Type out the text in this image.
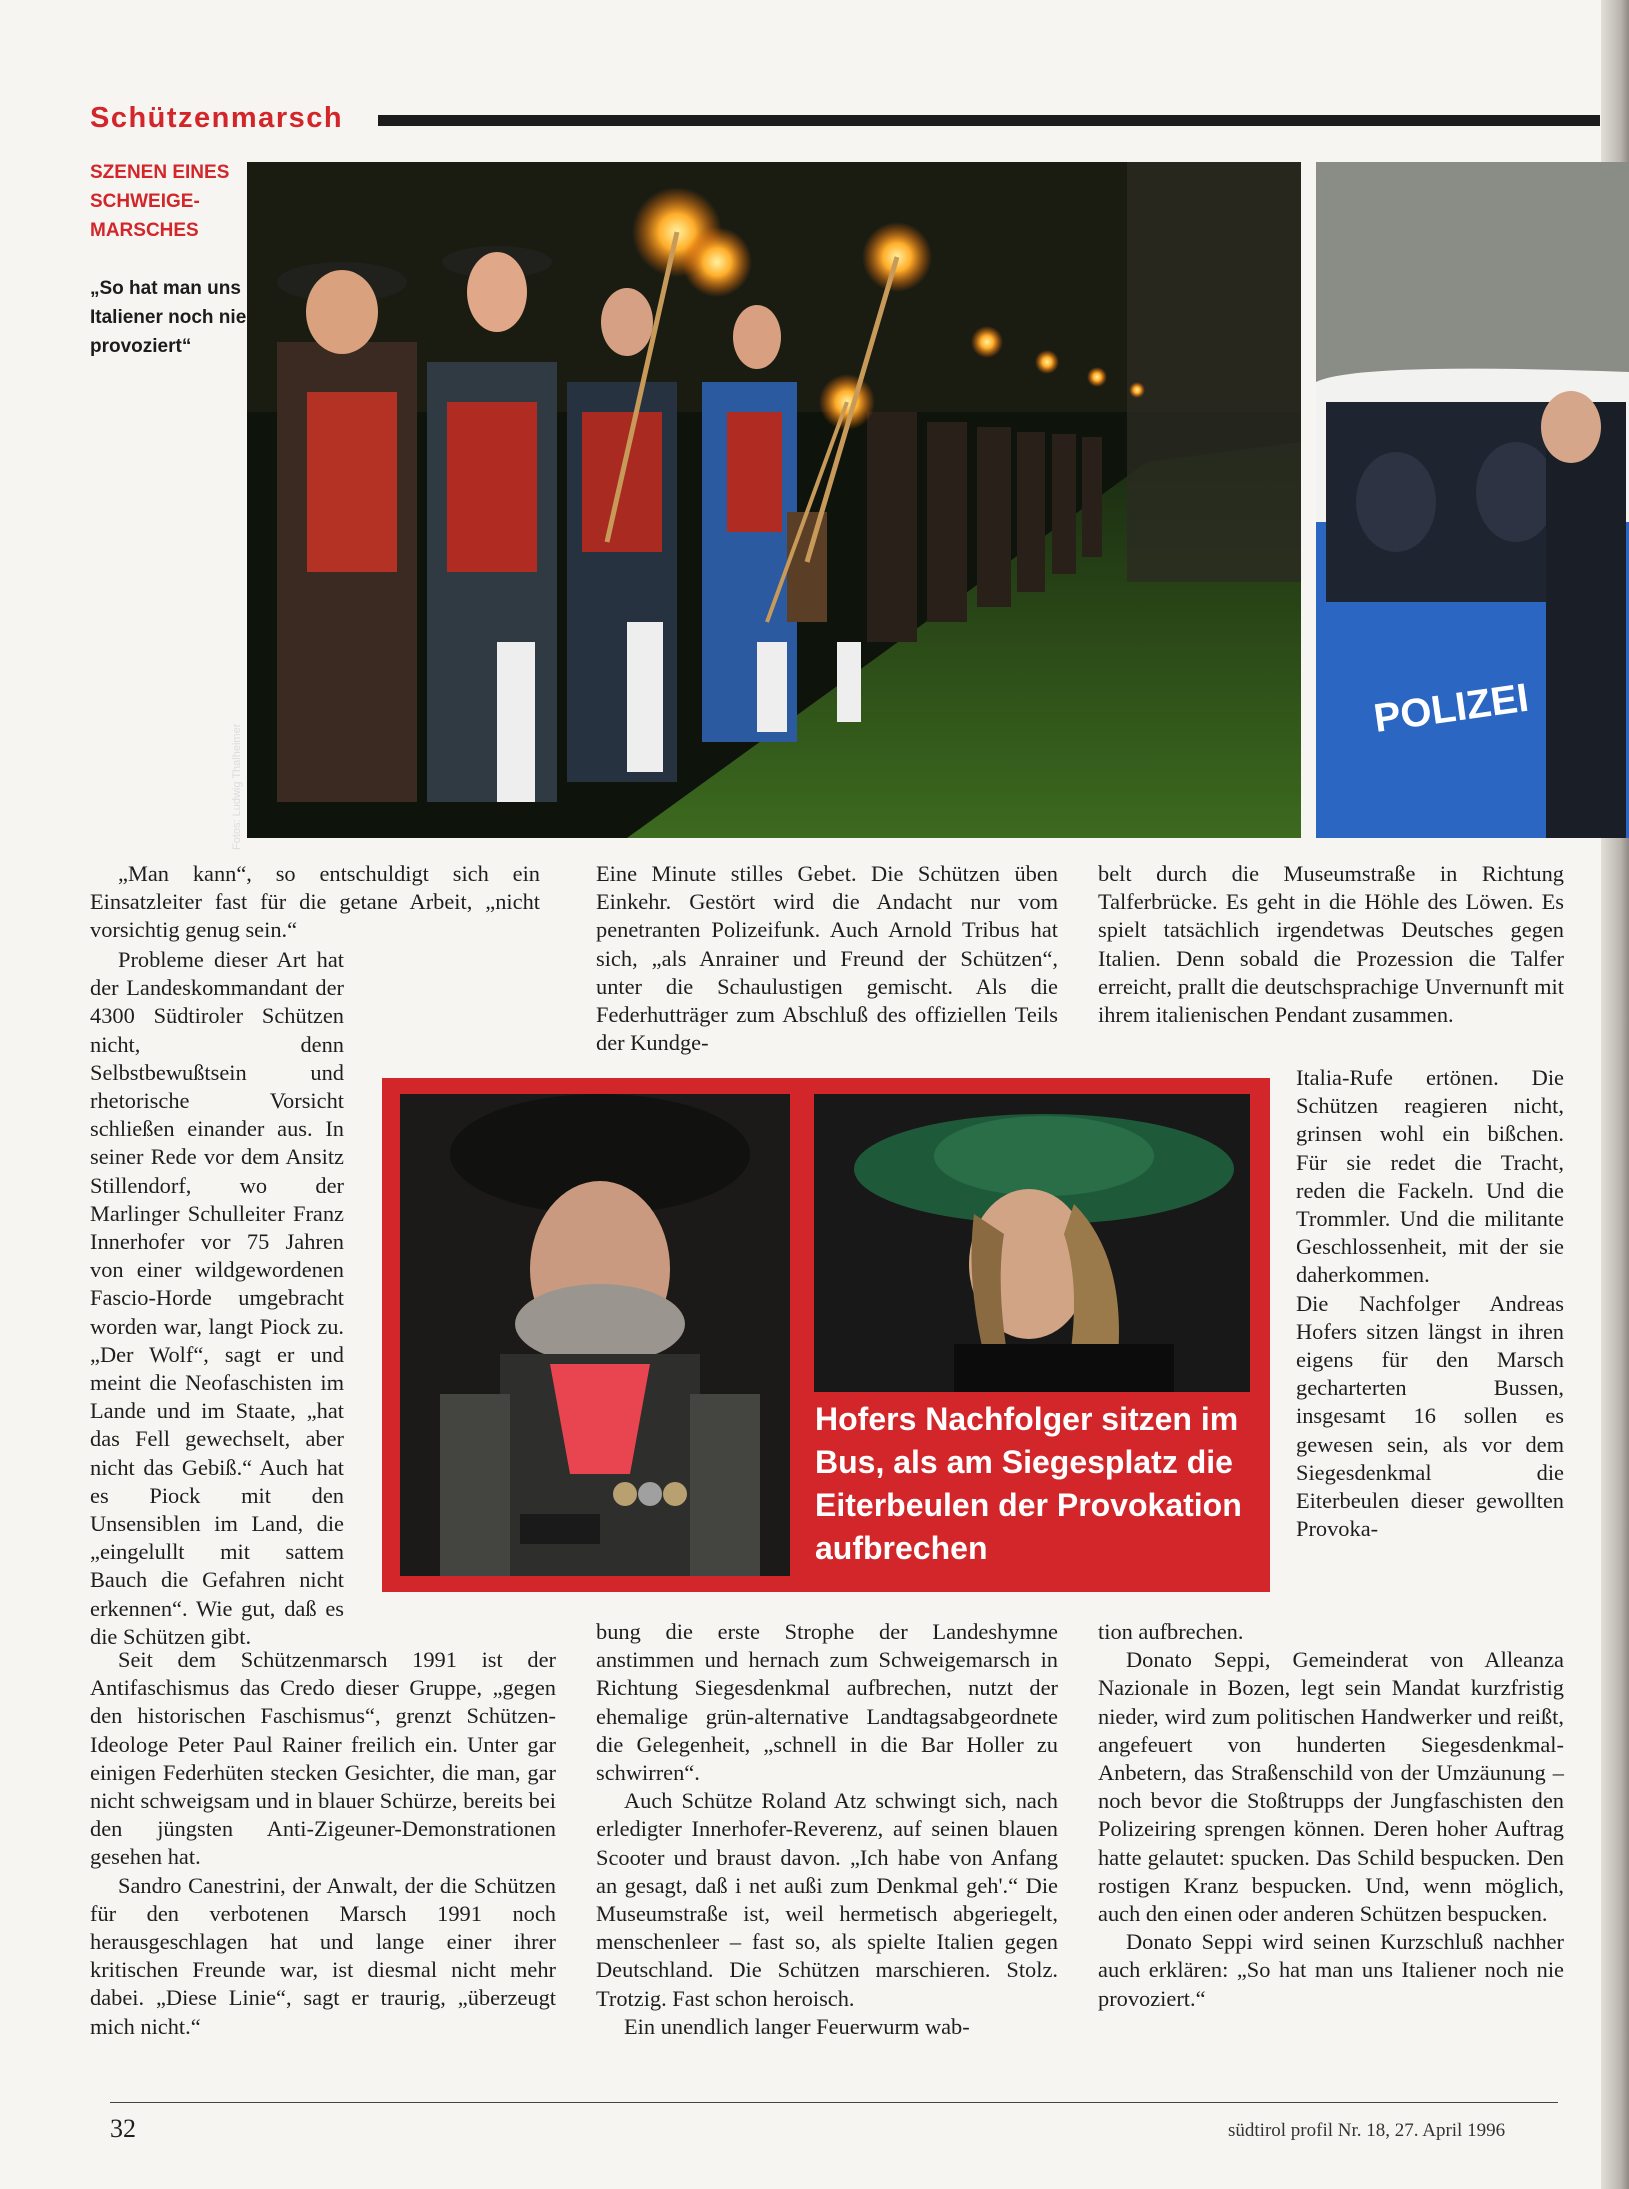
Schützenmarsch
SZENEN EINES SCHWEIGE- MARSCHES
„So hat man uns Italiener noch nie provoziert“
Fotos: Ludwig Thalheimer
POLIZEI

„Man kann“, so entschuldigt sich ein Einsatzleiter fast für die getane Arbeit, „nicht vorsichtig genug sein.“

Probleme dieser Art hat der Landeskommandant der 4300 Südtiroler Schützen nicht, denn Selbstbewußtsein und rhetorische Vorsicht schließen einander aus. In seiner Rede vor dem Ansitz Stillendorf, wo der Marlinger Schulleiter Franz Innerhofer vor 75 Jahren von einer wildgewordenen Fascio-Horde umgebracht worden war, langt Piock zu. „Der Wolf“, sagt er und meint die Neofaschisten im Lande und im Staate, „hat das Fell gewechselt, aber nicht das Gebiß.“ Auch hat es Piock mit den Unsensiblen im Land, die „eingelullt mit sattem Bauch die Gefahren nicht erkennen“. Wie gut, daß es die Schützen gibt.

Seit dem Schützenmarsch 1991 ist der Antifaschismus das Credo dieser Gruppe, „gegen den historischen Faschismus“, grenzt Schützen-Ideologe Peter Paul Rainer freilich ein. Unter gar einigen Federhüten stecken Gesichter, die man, gar nicht schweigsam und in blauer Schürze, bereits bei den jüngsten Anti-Zigeuner-Demonstrationen gesehen hat.

Sandro Canestrini, der Anwalt, der die Schützen für den verbotenen Marsch 1991 noch herausgeschlagen hat und lange einer ihrer kritischen Freunde war, ist diesmal nicht mehr dabei. „Diese Linie“, sagt er traurig, „überzeugt mich nicht.“

Eine Minute stilles Gebet. Die Schützen üben Einkehr. Gestört wird die Andacht nur vom penetranten Polizeifunk. Auch Arnold Tribus hat sich, „als Anrainer und Freund der Schützen“, unter die Schaulustigen gemischt. Als die Federhutträger zum Abschluß des offiziellen Teils der Kundge-

bung die erste Strophe der Landeshymne anstimmen und hernach zum Schweigemarsch in Richtung Siegesdenkmal aufbrechen, nutzt der ehemalige grün-alternative Landtagsabgeordnete die Gelegenheit, „schnell in die Bar Holler zu schwirren“.

Auch Schütze Roland Atz schwingt sich, nach erledigter Innerhofer-Reverenz, auf seinen blauen Scooter und braust davon. „Ich habe von Anfang an gesagt, daß i net außi zum Denkmal geh'.“ Die Museumstraße ist, weil hermetisch abgeriegelt, menschenleer – fast so, als spielte Italien gegen Deutschland. Die Schützen marschieren. Stolz. Trotzig. Fast schon heroisch.

Ein unendlich langer Feuerwurm wab-

belt durch die Museumstraße in Richtung Talferbrücke. Es geht in die Höhle des Löwen. Es spielt tatsächlich irgendetwas Deutsches gegen Italien. Denn sobald die Prozession die Talfer erreicht, prallt die deutschsprachige Unvernunft mit ihrem italienischen Pendant zusammen.

Italia-Rufe ertönen. Die Schützen reagieren nicht, grinsen wohl ein bißchen. Für sie redet die Tracht, reden die Fackeln. Und die Trommler. Und die militante Geschlossenheit, mit der sie daherkommen.

Die Nachfolger Andreas Hofers sitzen längst in ihren eigens für den Marsch gecharterten Bussen, insgesamt 16 sollen es gewesen sein, als vor dem Siegesdenkmal die Eiterbeulen dieser gewollten Provoka-

tion aufbrechen.

Donato Seppi, Gemeinderat von Alleanza Nazionale in Bozen, legt sein Mandat kurzfristig nieder, wird zum politischen Handwerker und reißt, angefeuert von hunderten Siegesdenkmal-Anbetern, das Straßenschild von der Umzäunung – noch bevor die Stoßtrupps der Jungfaschisten den Polizeiring sprengen können. Deren hoher Auftrag hatte gelautet: spucken. Das Schild bespucken. Den rostigen Kranz bespucken. Und, wenn möglich, auch den einen oder anderen Schützen bespucken.

Donato Seppi wird seinen Kurzschluß nachher auch erklären: „So hat man uns Italiener noch nie provoziert.“

Hofers Nachfolger sitzen im Bus, als am Siegesplatz die Eiterbeulen der Provokation aufbrechen
32	südtirol profil Nr. 18, 27. April 1996
